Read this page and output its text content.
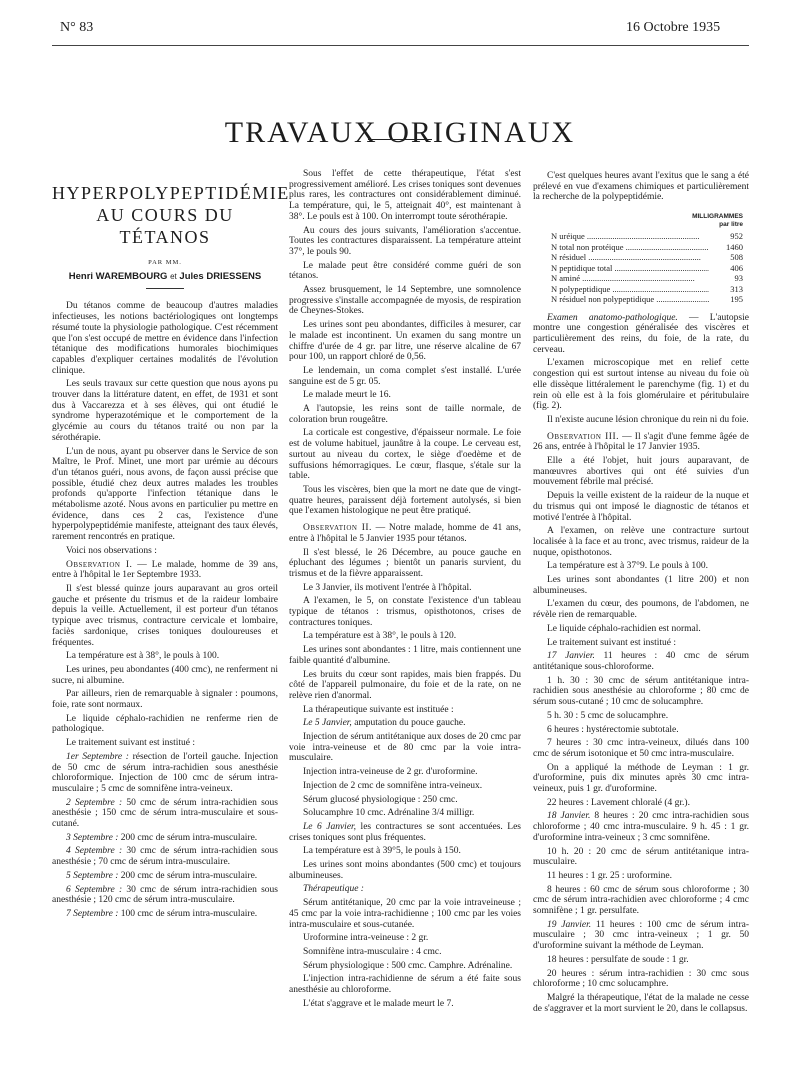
N° 83	16 Octobre 1935
TRAVAUX ORIGINAUX
HYPERPOLYPEPTIDÉMIE
AU COURS DU TÉTANOS
PAR MM.
Henri WAREMBOURG et Jules DRIESSENS

Du tétanos comme de beaucoup d'autres maladies infectieuses, les notions bactériologiques ont longtemps résumé toute la physiologie pathologique. C'est récemment que l'on s'est occupé de mettre en évidence dans l'infection tétanique des modifications humorales biochimiques capables d'expliquer certaines modalités de l'évolution clinique.

Les seuls travaux sur cette question que nous ayons pu trouver dans la littérature datent, en effet, de 1931 et sont dus à Vaccarezza et à ses élèves, qui ont étudié le syndrome hyperazotémique et le comportement de la glycémie au cours du tétanos traité ou non par la sérothérapie.

L'un de nous, ayant pu observer dans le Service de son Maître, le Prof. Minet, une mort par urémie au décours d'un tétanos guéri, nous avons, de façon aussi précise que possible, étudié chez deux autres malades les troubles profonds qu'apporte l'infection tétanique dans le métabolisme azoté. Nous avons en particulier pu mettre en évidence, dans ces 2 cas, l'existence d'une hyperpolypeptidémie manifeste, atteignant des taux élevés, rarement rencontrés en pratique.

Voici nos observations :

Observation I. — Le malade, homme de 39 ans, entre à l'hôpital le 1er Septembre 1933.

Il s'est blessé quinze jours auparavant au gros orteil gauche et présente du trismus et de la raideur lombaire depuis la veille. Actuellement, il est porteur d'un tétanos typique avec trismus, contracture cervicale et lombaire, faciès sardonique, crises toniques douloureuses et fréquentes.

La température est à 38°, le pouls à 100.

Les urines, peu abondantes (400 cmc), ne renferment ni sucre, ni albumine.

Par ailleurs, rien de remarquable à signaler : poumons, foie, rate sont normaux.

Le liquide céphalo-rachidien ne renferme rien de pathologique.

Le traitement suivant est institué :

1er Septembre : résection de l'orteil gauche. Injection de 50 cmc de sérum intra-rachidien sous anesthésie chloroformique. Injection de 100 cmc de sérum intra-musculaire ; 5 cmc de somnifène intra-veineux.

2 Septembre : 50 cmc de sérum intra-rachidien sous anesthésie ; 150 cmc de sérum intra-musculaire et sous-cutané.

3 Septembre : 200 cmc de sérum intra-musculaire.

4 Septembre : 30 cmc de sérum intra-rachidien sous anesthésie ; 70 cmc de sérum intra-musculaire.

5 Septembre : 200 cmc de sérum intra-musculaire.

6 Septembre : 30 cmc de sérum intra-rachidien sous anesthésie ; 120 cmc de sérum intra-musculaire.

7 Septembre : 100 cmc de sérum intra-musculaire.

Sous l'effet de cette thérapeutique, l'état s'est progressivement amélioré. Les crises toniques sont devenues plus rares, les contractures ont considérablement diminué. La température, qui, le 5, atteignait 40°, est maintenant à 38°. Le pouls est à 100. On interrompt toute sérothérapie.

Au cours des jours suivants, l'amélioration s'accentue. Toutes les contractures disparaissent. La température atteint 37°, le pouls 90.

Le malade peut être considéré comme guéri de son tétanos.

Assez brusquement, le 14 Septembre, une somnolence progressive s'installe accompagnée de myosis, de respiration de Cheynes-Stokes.

Les urines sont peu abondantes, difficiles à mesurer, car le malade est incontinent. Un examen du sang montre un chiffre d'urée de 4 gr. par litre, une réserve alcaline de 67 pour 100, un rapport chloré de 0,56.

Le lendemain, un coma complet s'est installé. L'urée sanguine est de 5 gr. 05.

Le malade meurt le 16.

A l'autopsie, les reins sont de taille normale, de coloration brun rougeâtre.

La corticale est congestive, d'épaisseur normale. Le foie est de volume habituel, jaunâtre à la coupe. Le cerveau est, surtout au niveau du cortex, le siège d'oedème et de suffusions hémorragiques. Le cœur, flasque, s'étale sur la table.

Tous les viscères, bien que la mort ne date que de vingt-quatre heures, paraissent déjà fortement autolysés, si bien que l'examen histologique ne peut être pratiqué.

Observation II. — Notre malade, homme de 41 ans, entre à l'hôpital le 5 Janvier 1935 pour tétanos.

Il s'est blessé, le 26 Décembre, au pouce gauche en épluchant des légumes ; bientôt un panaris survient, du trismus et de la fièvre apparaissent.

Le 3 Janvier, ils motivent l'entrée à l'hôpital.

A l'examen, le 5, on constate l'existence d'un tableau typique de tétanos : trismus, opisthotonos, crises de contractures toniques.

La température est à 38°, le pouls à 120.

Les urines sont abondantes : 1 litre, mais contiennent une faible quantité d'albumine.

Les bruits du cœur sont rapides, mais bien frappés. Du côté de l'appareil pulmonaire, du foie et de la rate, on ne relève rien d'anormal.

La thérapeutique suivante est instituée :

Le 5 Janvier, amputation du pouce gauche.

Injection de sérum antitétanique aux doses de 20 cmc par voie intra-veineuse et de 80 cmc par la voie intra-musculaire.

Injection intra-veineuse de 2 gr. d'uroformine.

Injection de 2 cmc de somnifène intra-veineux.

Sérum glucosé physiologique : 250 cmc.

Solucamphre 10 cmc. Adrénaline 3/4 milligr.

Le 6 Janvier, les contractures se sont accentuées. Les crises toniques sont plus fréquentes.

La température est à 39°5, le pouls à 150.

Les urines sont moins abondantes (500 cmc) et toujours albumineuses.

Thérapeutique :

Sérum antitétanique, 20 cmc par la voie intraveineuse ; 45 cmc par la voie intra-rachidienne ; 100 cmc par les voies intra-musculaire et sous-cutanée.

Uroformine intra-veineuse : 2 gr.

Somnifène intra-musculaire : 4 cmc.

Sérum physiologique : 500 cmc. Camphre. Adrénaline.

L'injection intra-rachidienne de sérum a été faite sous anesthésie au chloroforme.

L'état s'aggrave et le malade meurt le 7.

C'est quelques heures avant l'exitus que le sang a été prélevé en vue d'examens chimiques et particulièrement la recherche de la polypeptidémie.

MILLIGRAMMES
par litre
N uréique .....	952
N total non protéique .....	1460
N résiduel .....	508
N peptidique total .....	406
N aminé .....	93
N polypeptidique .....	313
N résiduel non polypeptidique .....	195

Examen anatomo-pathologique. — L'autopsie montre une congestion généralisée des viscères et particulièrement des reins, du foie, de la rate, du cerveau.

L'examen microscopique met en relief cette congestion qui est surtout intense au niveau du foie où elle dissèque littéralement le parenchyme (fig. 1) et du rein où elle est à la fois glomérulaire et péritubulaire (fig. 2).

Il n'existe aucune lésion chronique du rein ni du foie.

Observation III. — Il s'agit d'une femme âgée de 26 ans, entrée à l'hôpital le 17 Janvier 1935.

Elle a été l'objet, huit jours auparavant, de manœuvres abortives qui ont été suivies d'un mouvement fébrile mal précisé.

Depuis la veille existent de la raideur de la nuque et du trismus qui ont imposé le diagnostic de tétanos et motivé l'entrée à l'hôpital.

A l'examen, on relève une contracture surtout localisée à la face et au tronc, avec trismus, raideur de la nuque, opisthotonos.

La température est à 37°9. Le pouls à 100.

Les urines sont abondantes (1 litre 200) et non albumineuses.

L'examen du cœur, des poumons, de l'abdomen, ne révèle rien de remarquable.

Le liquide céphalo-rachidien est normal.

Le traitement suivant est institué :

17 Janvier. 11 heures : 40 cmc de sérum antitétanique sous-chloroforme.

1 h. 30 : 30 cmc de sérum antitétanique intra-rachidien sous anesthésie au chloroforme ; 80 cmc de sérum sous-cutané ; 10 cmc de solucamphre.

5 h. 30 : 5 cmc de solucamphre.

6 heures : hystérectomie subtotale.

7 heures : 30 cmc intra-veineux, dilués dans 100 cmc de sérum isotonique et 50 cmc intra-musculaire.

On a appliqué la méthode de Leyman : 1 gr. d'uroformine, puis dix minutes après 30 cmc intra-veineux, puis 1 gr. d'uroformine.

22 heures : Lavement chloralé (4 gr.).

18 Janvier. 8 heures : 20 cmc intra-rachidien sous chloroforme ; 40 cmc intra-musculaire. 9 h. 45 : 1 gr. d'uroformine intra-veineux ; 3 cmc somnifène.

10 h. 20 : 20 cmc de sérum antitétanique intra-musculaire.

11 heures : 1 gr. 25 : uroformine.

8 heures : 60 cmc de sérum sous chloroforme ; 30 cmc de sérum intra-rachidien avec chloroforme ; 4 cmc somnifène ; 1 gr. persulfate.

19 Janvier. 11 heures : 100 cmc de sérum intra-musculaire ; 30 cmc intra-veineux ; 1 gr. 50 d'uroformine suivant la méthode de Leyman.

18 heures : persulfate de soude : 1 gr.

20 heures : sérum intra-rachidien : 30 cmc sous chloroforme ; 10 cmc solucamphre.

Malgré la thérapeutique, l'état de la malade ne cesse de s'aggraver et la mort survient le 20, dans le collapsus.
